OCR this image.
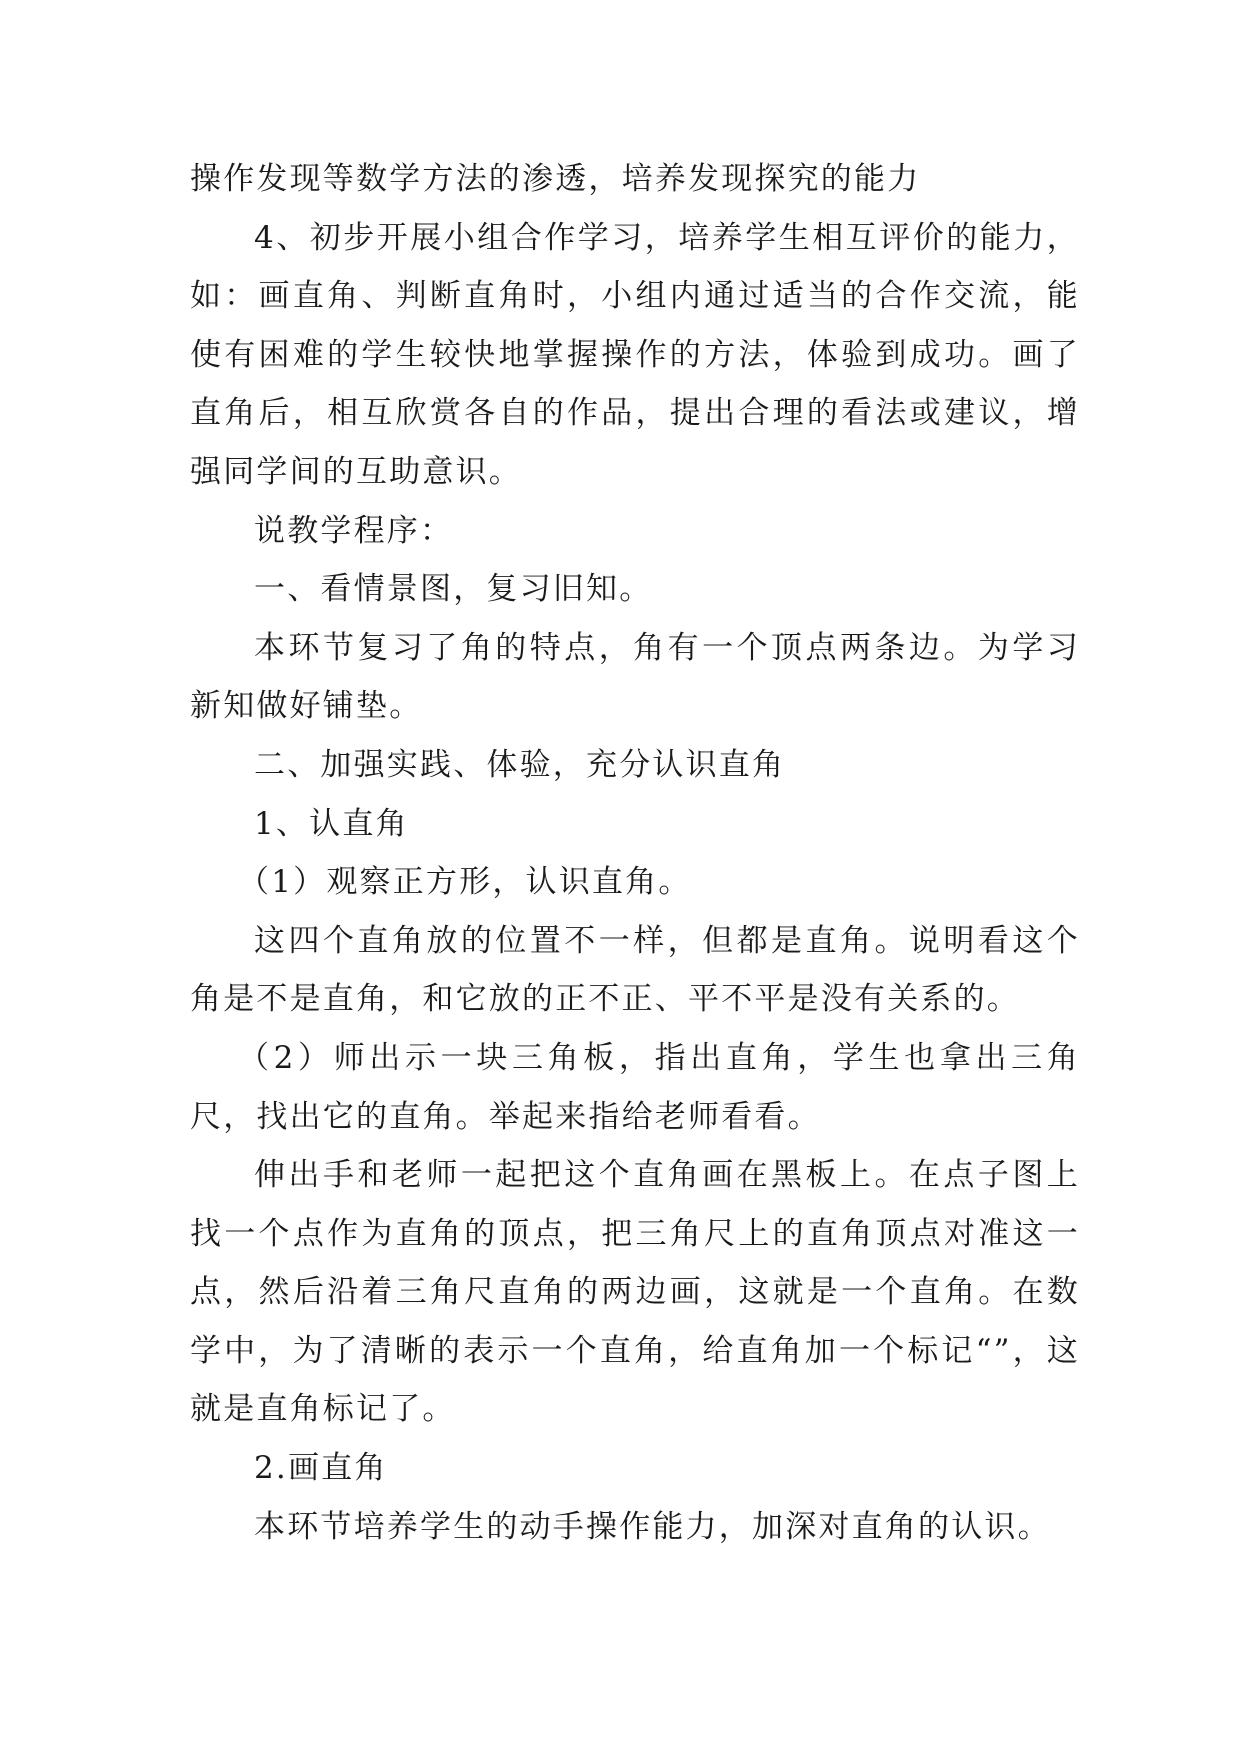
操作发现等数学方法的渗透，培养发现探究的能力

4、初步开展小组合作学习，培养学生相互评价的能力，如：画直角、判断直角时，小组内通过适当的合作交流，能使有困难的学生较快地掌握操作的方法，体验到成功。画了直角后，相互欣赏各自的作品，提出合理的看法或建议，增强同学间的互助意识。

说教学程序：

一、看情景图，复习旧知。

本环节复习了角的特点，角有一个顶点两条边。为学习新知做好铺垫。

二、加强实践、体验，充分认识直角

1、认直角

（1）观察正方形，认识直角。

这四个直角放的位置不一样，但都是直角。说明看这个角是不是直角，和它放的正不正、平不平是没有关系的。

（2）师出示一块三角板，指出直角，学生也拿出三角尺，找出它的直角。举起来指给老师看看。

伸出手和老师一起把这个直角画在黑板上。在点子图上找一个点作为直角的顶点，把三角尺上的直角顶点对准这一点，然后沿着三角尺直角的两边画，这就是一个直角。在数学中，为了清晰的表示一个直角，给直角加一个标记“”，这就是直角标记了。

2.画直角

本环节培养学生的动手操作能力，加深对直角的认识。
